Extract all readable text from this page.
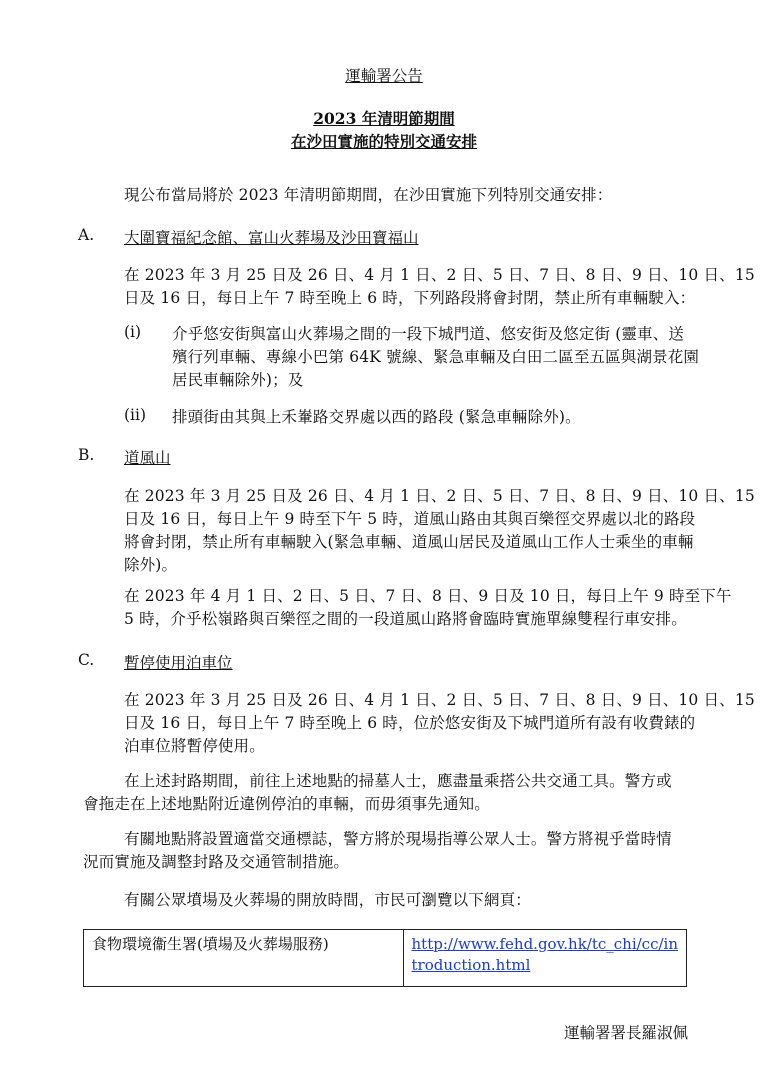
運輸署公告
2023 年清明節期間
在沙田實施的特別交通安排
現公布當局將於 2023 年清明節期間，在沙田實施下列特別交通安排：
A. 大圍寶福紀念館、富山火葬場及沙田寶福山
在 2023 年 3 月 25 日及 26 日、4 月 1 日、2 日、5 日、7 日、8 日、9 日、10 日、15
日及 16 日，每日上午 7 時至晚上 6 時，下列路段將會封閉，禁止所有車輛駛入：
(i) 介乎悠安街與富山火葬場之間的一段下城門道、悠安街及悠定街 (靈車、送
殯行列車輛、專線小巴第 64K 號線、緊急車輛及白田二區至五區與湖景花園
居民車輛除外)；及
(ii) 排頭街由其與上禾輋路交界處以西的路段 (緊急車輛除外)。
B. 道風山
在 2023 年 3 月 25 日及 26 日、4 月 1 日、2 日、5 日、7 日、8 日、9 日、10 日、15
日及 16 日，每日上午 9 時至下午 5 時，道風山路由其與百樂徑交界處以北的路段
將會封閉，禁止所有車輛駛入(緊急車輛、道風山居民及道風山工作人士乘坐的車輛
除外)。
在 2023 年 4 月 1 日、2 日、5 日、7 日、8 日、9 日及 10 日，每日上午 9 時至下午
5 時，介乎松嶺路與百樂徑之間的一段道風山路將會臨時實施單線雙程行車安排。
C. 暫停使用泊車位
在 2023 年 3 月 25 日及 26 日、4 月 1 日、2 日、5 日、7 日、8 日、9 日、10 日、15
日及 16 日，每日上午 7 時至晚上 6 時，位於悠安街及下城門道所有設有收費錶的
泊車位將暫停使用。
在上述封路期間，前往上述地點的掃墓人士，應盡量乘搭公共交通工具。警方或
會拖走在上述地點附近違例停泊的車輛，而毋須事先通知。
有關地點將設置適當交通標誌，警方將於現場指導公眾人士。警方將視乎當時情
況而實施及調整封路及交通管制措施。
有關公眾墳場及火葬場的開放時間，市民可瀏覽以下網頁：
食物環境衞生署(墳場及火葬場服務)	http://www.fehd.gov.hk/tc_chi/cc/in
troduction.html
運輸署署長羅淑佩
